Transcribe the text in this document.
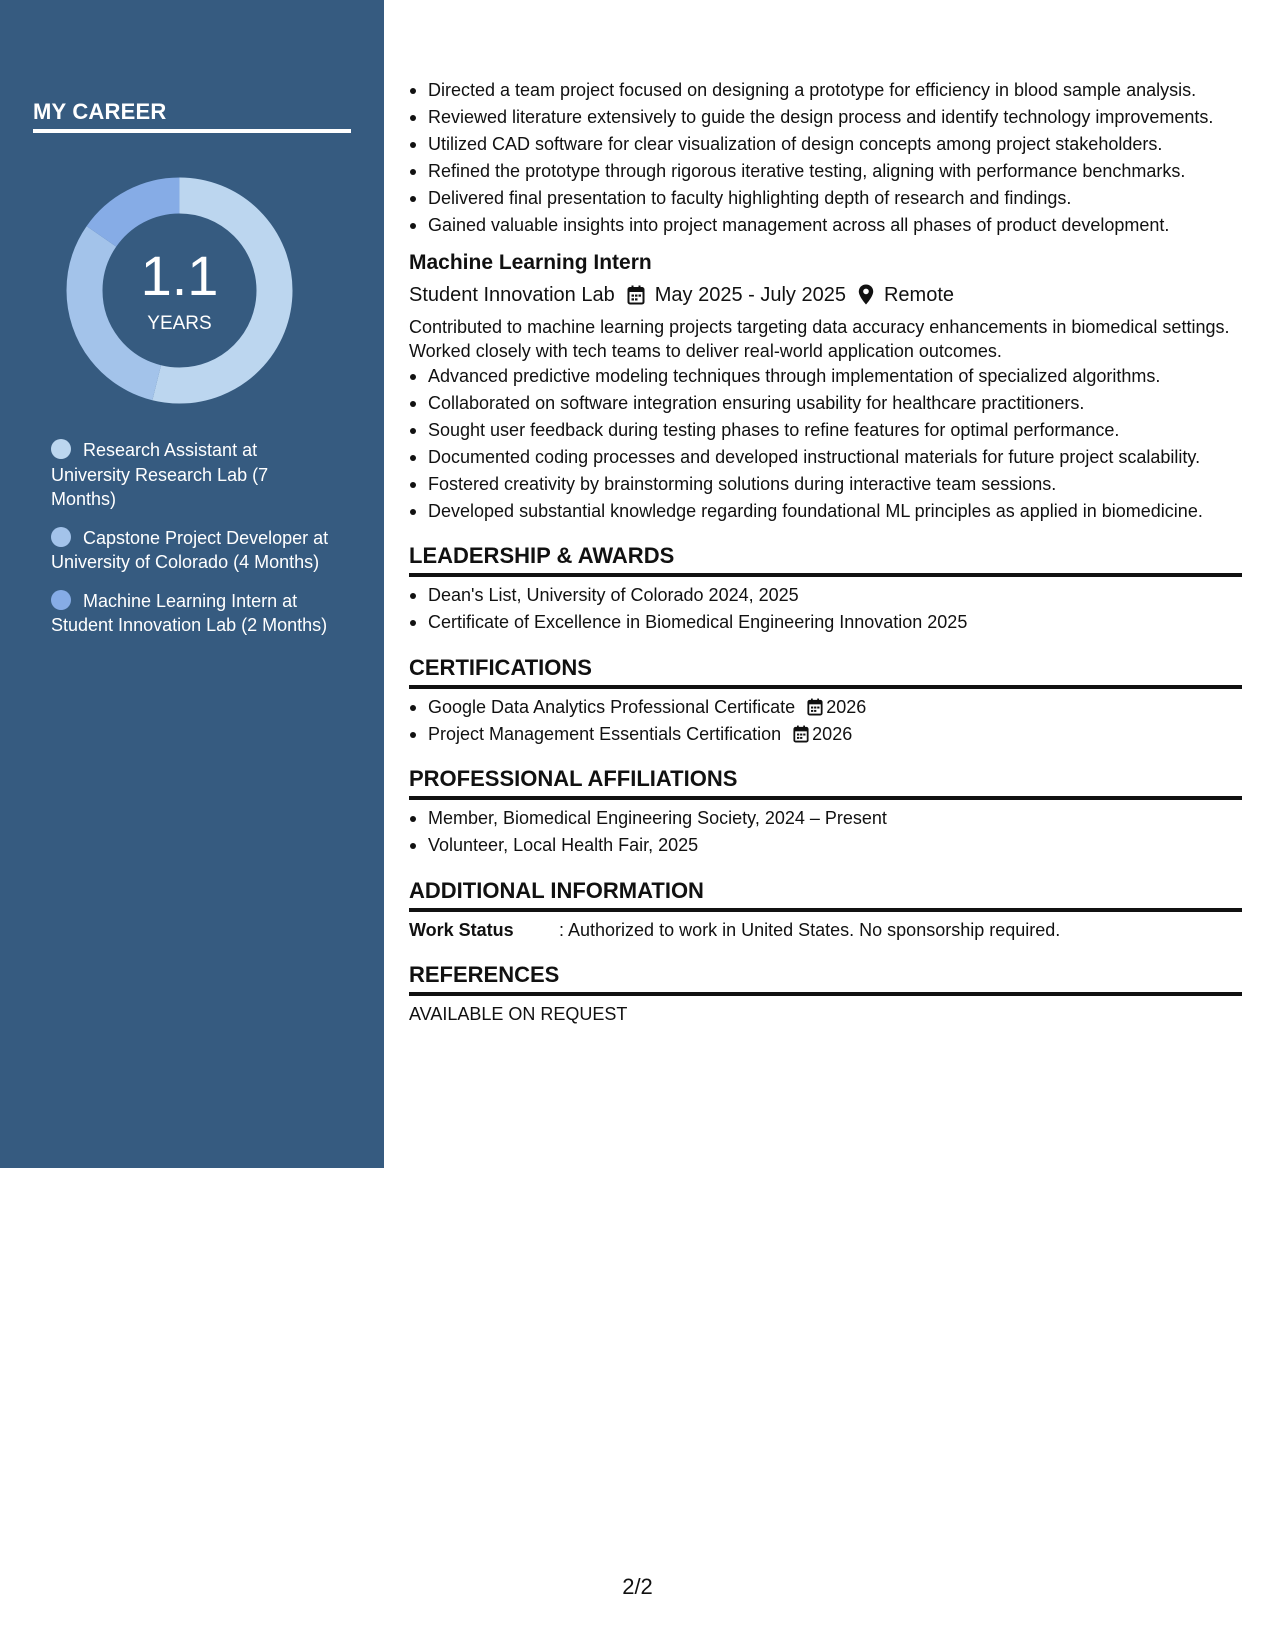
MY CAREER
1.1
YEARS
Research Assistant at University Research Lab (7 Months)
Capstone Project Developer at University of Colorado (4 Months)
Machine Learning Intern at Student Innovation Lab (2 Months)
Directed a team project focused on designing a prototype for efficiency in blood sample analysis.
Reviewed literature extensively to guide the design process and identify technology improvements.
Utilized CAD software for clear visualization of design concepts among project stakeholders.
Refined the prototype through rigorous iterative testing, aligning with performance benchmarks.
Delivered final presentation to faculty highlighting depth of research and findings.
Gained valuable insights into project management across all phases of product development.
Machine Learning Intern
Student Innovation Lab May 2025 - July 2025 Remote
Contributed to machine learning projects targeting data accuracy enhancements in biomedical settings. Worked closely with tech teams to deliver real-world application outcomes.
Advanced predictive modeling techniques through implementation of specialized algorithms.
Collaborated on software integration ensuring usability for healthcare practitioners.
Sought user feedback during testing phases to refine features for optimal performance.
Documented coding processes and developed instructional materials for future project scalability.
Fostered creativity by brainstorming solutions during interactive team sessions.
Developed substantial knowledge regarding foundational ML principles as applied in biomedicine.
LEADERSHIP & AWARDS
Dean's List, University of Colorado 2024, 2025
Certificate of Excellence in Biomedical Engineering Innovation 2025
CERTIFICATIONS
Google Data Analytics Professional Certificate 2026
Project Management Essentials Certification 2026
PROFESSIONAL AFFILIATIONS
Member, Biomedical Engineering Society, 2024 – Present
Volunteer, Local Health Fair, 2025
ADDITIONAL INFORMATION
Work Status	: Authorized to work in United States. No sponsorship required.
REFERENCES
AVAILABLE ON REQUEST
2/2
